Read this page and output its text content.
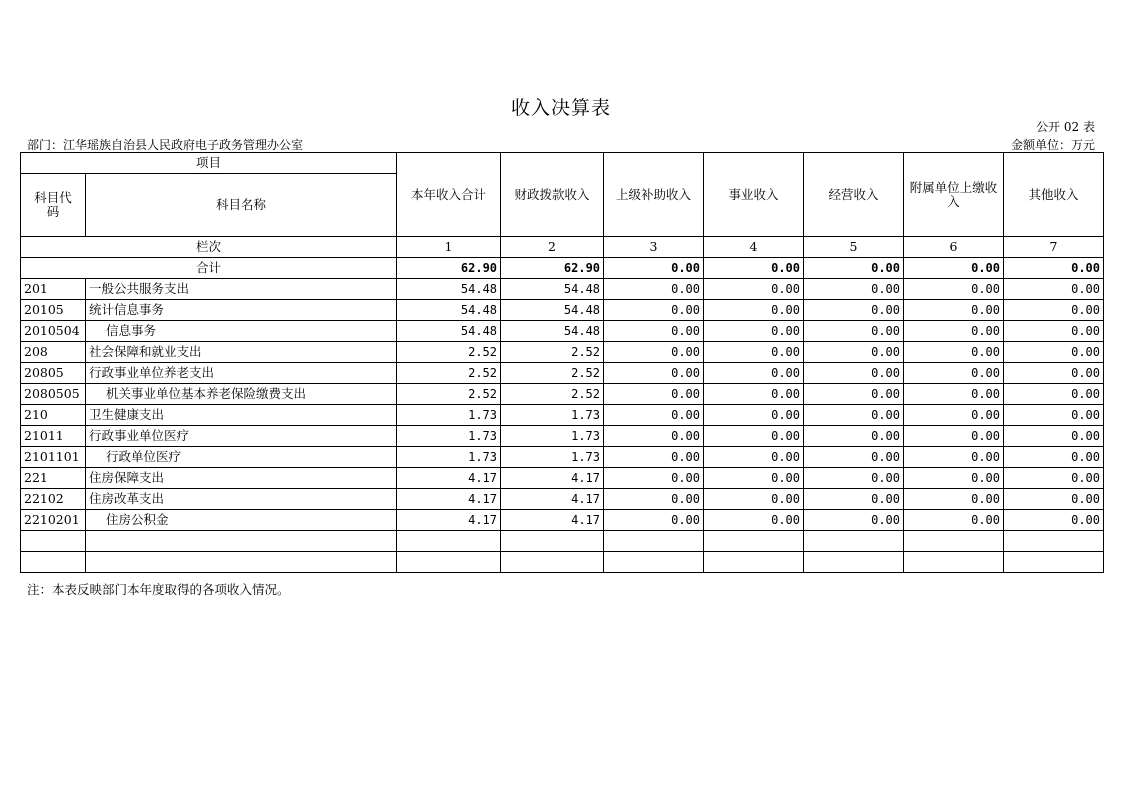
收入决算表
公开 02 表
部门：江华瑶族自治县人民政府电子政务管理办公室	金额单位：万元
项目		本年收入合计	财政拨款收入	上级补助收入	事业收入	经营收入	附属单位上缴收入	其他收入
科目代码	科目名称							
栏次		1	2	3	4	5	6	7
合计		62.90	62.90	0.00	0.00	0.00	0.00	0.00
201	一般公共服务支出	54.48	54.48	0.00	0.00	0.00	0.00	0.00
20105	统计信息事务	54.48	54.48	0.00	0.00	0.00	0.00	0.00
2010504	信息事务	54.48	54.48	0.00	0.00	0.00	0.00	0.00
208	社会保障和就业支出	2.52	2.52	0.00	0.00	0.00	0.00	0.00
20805	行政事业单位养老支出	2.52	2.52	0.00	0.00	0.00	0.00	0.00
2080505	机关事业单位基本养老保险缴费支出	2.52	2.52	0.00	0.00	0.00	0.00	0.00
210	卫生健康支出	1.73	1.73	0.00	0.00	0.00	0.00	0.00
21011	行政事业单位医疗	1.73	1.73	0.00	0.00	0.00	0.00	0.00
2101101	行政单位医疗	1.73	1.73	0.00	0.00	0.00	0.00	0.00
221	住房保障支出	4.17	4.17	0.00	0.00	0.00	0.00	0.00
22102	住房改革支出	4.17	4.17	0.00	0.00	0.00	0.00	0.00
2210201	住房公积金	4.17	4.17	0.00	0.00	0.00	0.00	0.00

注：本表反映部门本年度取得的各项收入情况。
